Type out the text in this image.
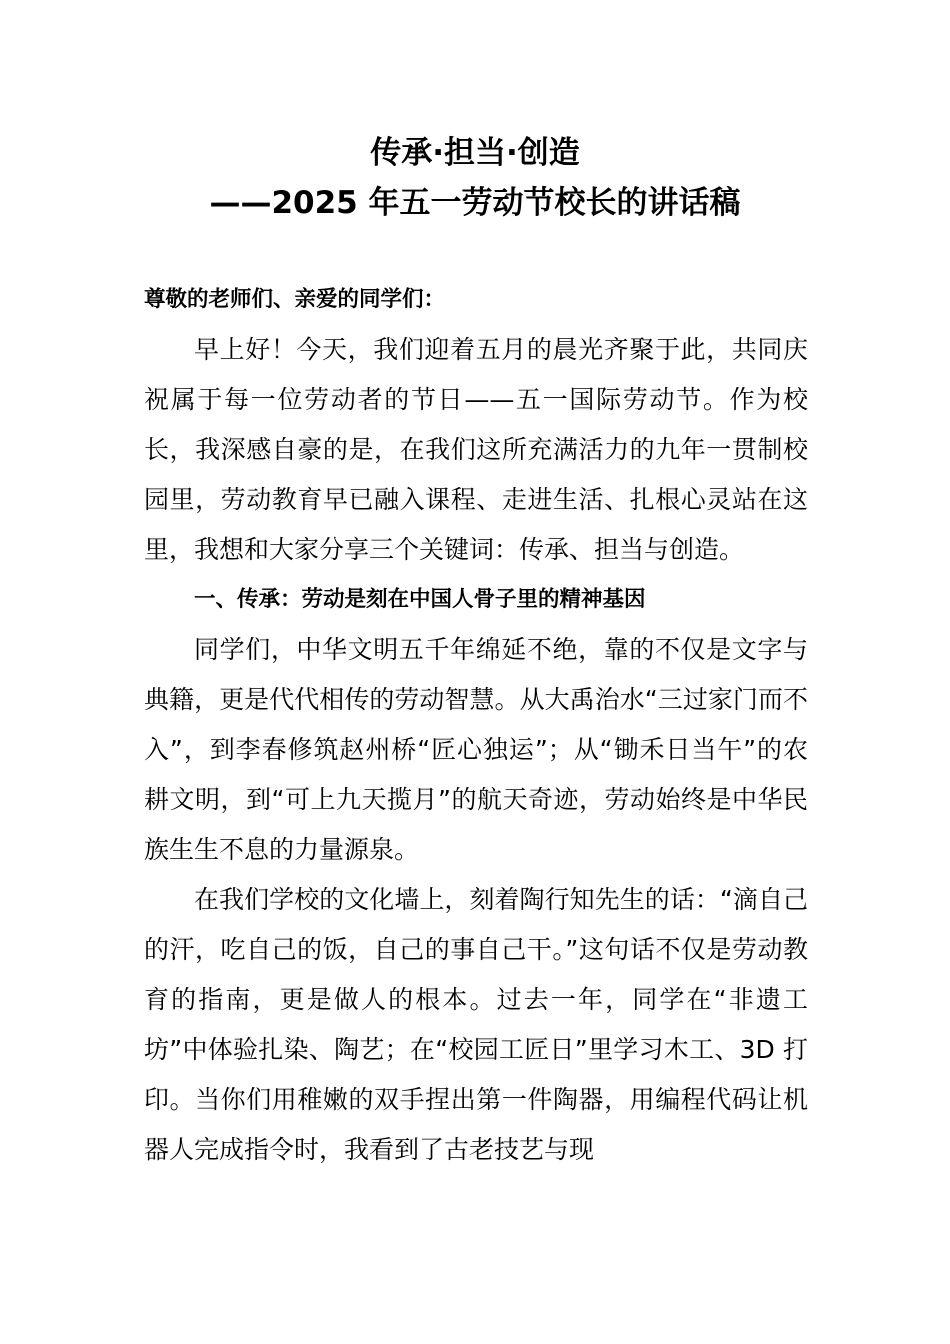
传承·担当·创造
——2025 年五一劳动节校长的讲话稿

尊敬的老师们、亲爱的同学们：

早上好！今天，我们迎着五月的晨光齐聚于此，共同庆祝属于每一位劳动者的节日——五一国际劳动节。作为校长，我深感自豪的是，在我们这所充满活力的九年一贯制校园里，劳动教育早已融入课程、走进生活、扎根心灵站在这里，我想和大家分享三个关键词：传承、担当与创造。

一、传承：劳动是刻在中国人骨子里的精神基因

同学们，中华文明五千年绵延不绝，靠的不仅是文字与典籍，更是代代相传的劳动智慧。从大禹治水“三过家门而不入”，到李春修筑赵州桥“匠心独运”；从“锄禾日当午”的农耕文明，到“可上九天揽月”的航天奇迹，劳动始终是中华民族生生不息的力量源泉。

在我们学校的文化墙上，刻着陶行知先生的话：“滴自己的汗，吃自己的饭，自己的事自己干。”这句话不仅是劳动教育的指南，更是做人的根本。过去一年，同学在“非遗工坊”中体验扎染、陶艺；在“校园工匠日”里学习木工、3D 打印。当你们用稚嫩的双手捏出第一件陶器，用编程代码让机器人完成指令时，我看到了古老技艺与现
